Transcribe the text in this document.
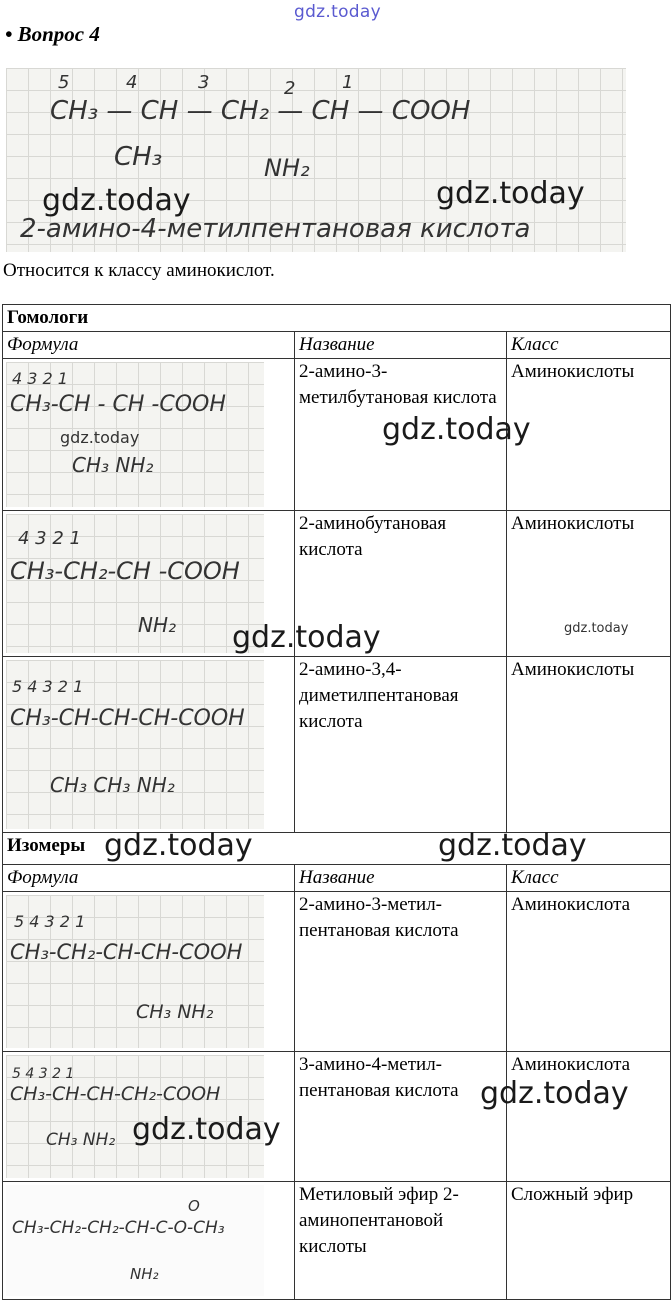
gdz.today
• Вопрос 4
5	4	3	2	1
CH₃ — CH — CH₂ — CH — COOH
CH₃	NH₂
2-амино-4-метилпентановая кислота
gdz.today	gdz.today
Относится к классу аминокислот.
Гомологи		
Формула	Название	Класс

4 3 2 1
CH₃-CH - CH -COOH
CH₃ NH₂	2-амино-3-метилбутановая кислота	Аминокислоты

4 3 2 1
CH₃-CH₂-CH -COOH
NH₂	2-аминобутановая кислота	Аминокислоты

5 4 3 2 1
CH₃-CH-CH-CH-COOH
CH₃ CH₃ NH₂	2-амино-3,4-диметилпентановая кислота	Аминокислоты
Изомеры		
Формула	Название	Класс

5 4 3 2 1
CH₃-CH₂-CH-CH-COOH
CH₃ NH₂	2-амино-3-метил-пентановая кислота	Аминокислота

5 4 3 2 1
CH₃-CH-CH-CH₂-COOH
CH₃ NH₂	3-амино-4-метил-пентановая кислота	Аминокислота

O
CH₃-CH₂-CH₂-CH-C-O-CH₃
NH₂	Метиловый эфир 2-аминопентановой кислоты	Сложный эфир
gdz.today	gdz.today
gdz.today	gdz.today
gdz.today	gdz.today
gdz.today
gdz.today
